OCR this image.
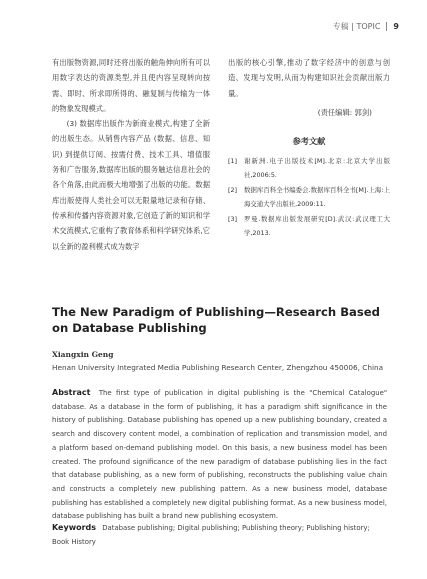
专稿 | TOPIC 9

有出版物资源,同时还将出版的触角伸向所有可以用数字表达的资源类型,并且使内容呈现转向按需、即时、所求即所得的、融复制与传输为一体的物象发现模式。

(3) 数据库出版作为新商业模式,构建了全新的出版生态。从销售内容产品 (数据、信息、知识) 到提供订阅、按需付费、技术工具、增值服务和广告服务,数据库出版的服务触达信息社会的各个角落,由此而极大地增强了出版的功能。数据库出版使得人类社会可以无限量地记录和存储、传承和传播内容资源对象,它创造了新的知识和学术交流模式,它重构了教育体系和科学研究体系,它以全新的盈利模式成为数字

出版的核心引擎,推动了数字经济中的创意与创造、发现与发明,从而为构建知识社会贡献出版力量。

(责任编辑: 郭剑)

参考文献

[1]	谢新洲.电子出版技术[M].北京:北京大学出版社,2006:5.

[2]	数据库百科全书编委会.数据库百科全书[M].上海:上海交通大学出版社,2009:11.

[3]	罗曼.数据库出版发展研究[D].武汉:武汉理工大学,2013.

The New Paradigm of Publishing—Research Based on Database Publishing
Xiangxin Geng
Henan University Integrated Media Publishing Research Center, Zhengzhou 450006, China
Abstract The first type of publication in digital publishing is the "Chemical Catalogue" database. As a database in the form of publishing, it has a paradigm shift significance in the history of publishing. Database publishing has opened up a new publishing boundary, created a search and discovery content model, a combination of replication and transmission model, and a platform based on-demand publishing model. On this basis, a new business model has been created. The profound significance of the new paradigm of database publishing lies in the fact that database publishing, as a new form of publishing, reconstructs the publishing value chain and constructs a completely new publishing pattern. As a new business model, database publishing has established a completely new digital publishing format. As a new business model, database publishing has built a brand new publishing ecosystem.
Keywords Database publishing; Digital publishing; Publishing theory; Publishing history; Book History
